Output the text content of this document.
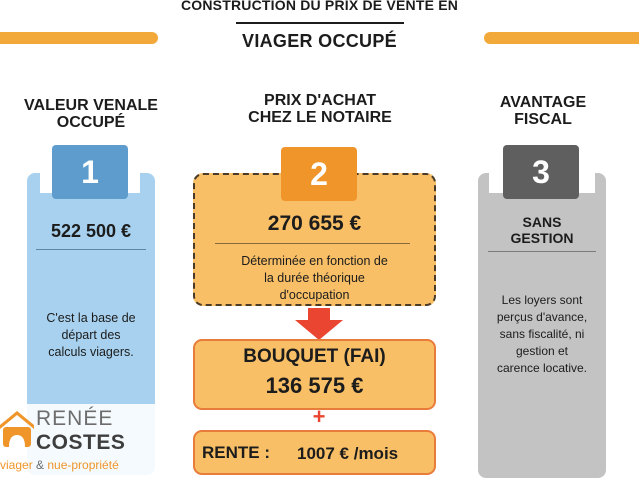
CONSTRUCTION DU PRIX DE VENTE EN
VIAGER OCCUPÉ
VALEUR VENALE
OCCUPÉ
PRIX D'ACHAT
CHEZ LE NOTAIRE
AVANTAGE
FISCAL
1
522 500 €
C'est la base de
départ des
calculs viagers.
RENÉE
COSTES
viager & nue-propriété
2
270 655 €
Déterminée en fonction de
la durée théorique
d'occupation
BOUQUET (FAI)
136 575 €
+
RENTE : 1007 € /mois
3
SANS
GESTION
Les loyers sont
perçus d'avance,
sans fiscalité, ni
gestion et
carence locative.
